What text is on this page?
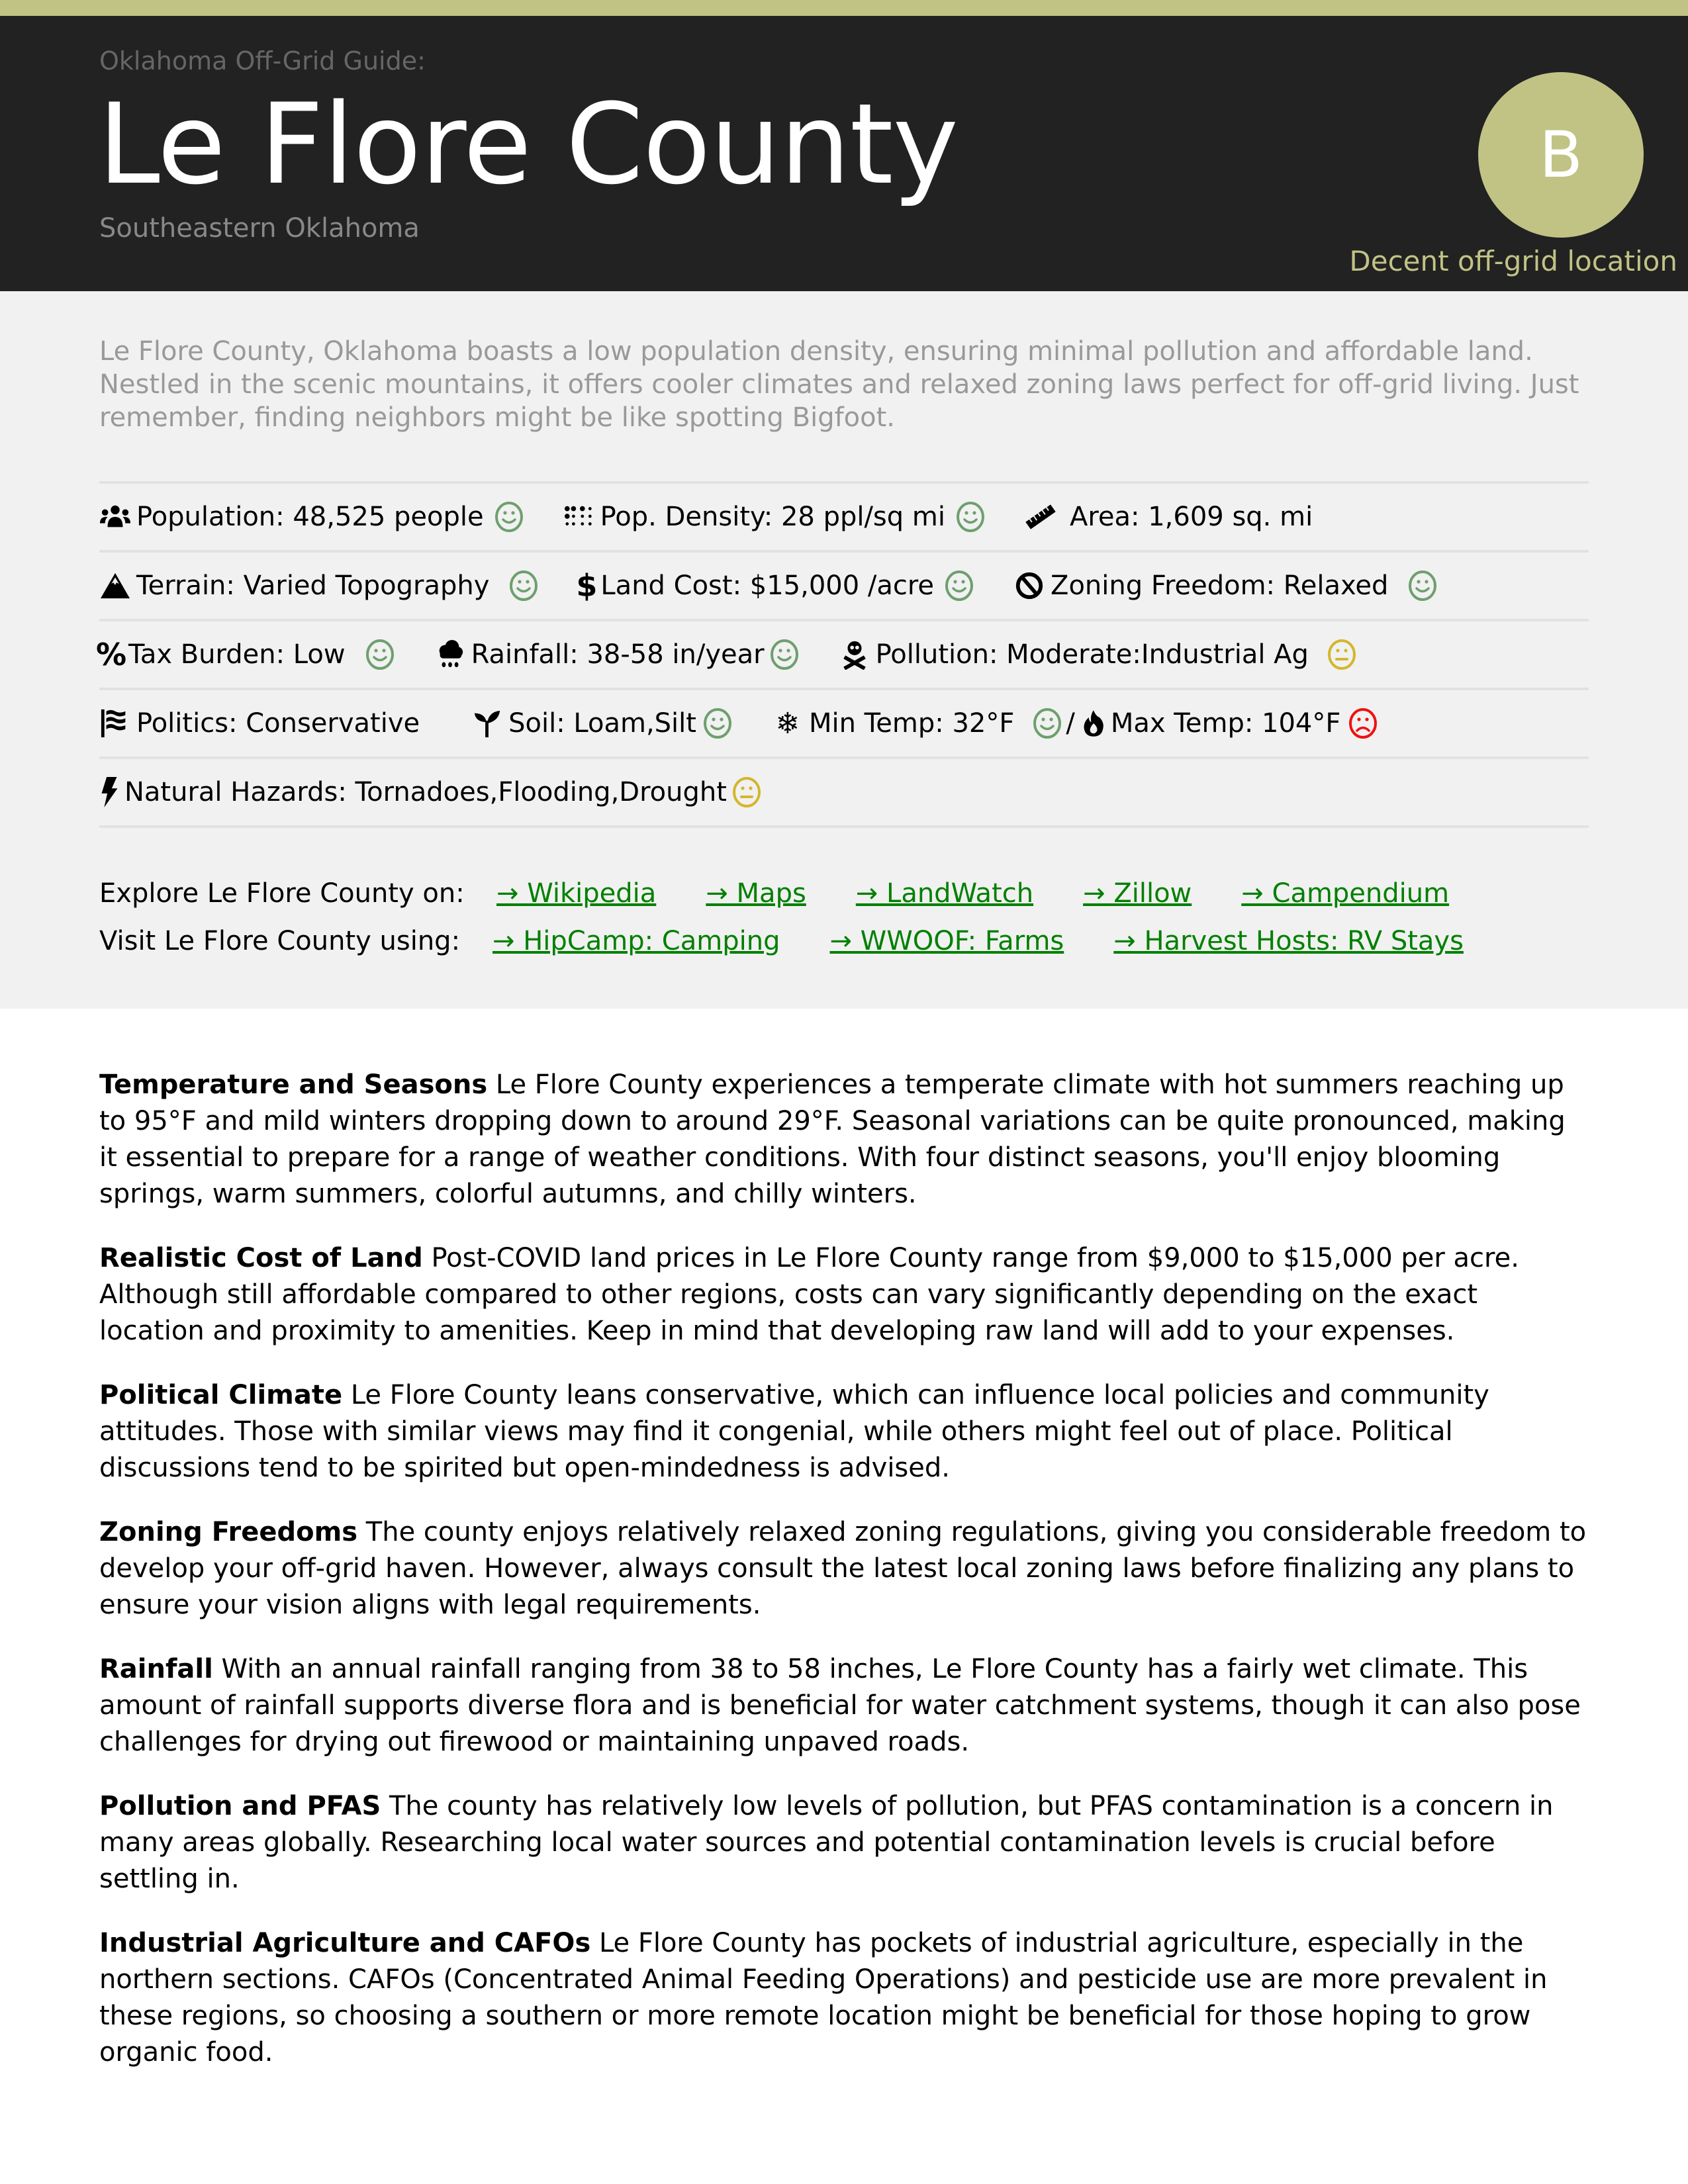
Oklahoma Off-Grid Guide:
Le Flore County
Southeastern Oklahoma
B
Decent off-grid location

Le Flore County, Oklahoma boasts a low population density, ensuring minimal pollution and affordable land. Nestled in the scenic mountains, it offers cooler climates and relaxed zoning laws perfect for off-grid living. Just remember, finding neighbors might be like spotting Bigfoot.

Population: 48,525 people	Pop. Density: 28 ppl/sq mi	Area: 1,609 sq. mi
Terrain: Varied Topography	$ Land Cost: $15,000 /acre	Zoning Freedom: Relaxed
% Tax Burden: Low	Rainfall: 38-58 in/year	Pollution: Moderate:Industrial Ag
Politics: Conservative	Soil: Loam,Silt	❄ Min Temp: 32°F / Max Temp: 104°F
Natural Hazards: Tornadoes,Flooding,Drought
Explore Le Flore County on:	→ Wikipedia → Maps → LandWatch → Zillow → Campendium
Visit Le Flore County using:	→ HipCamp: Camping → WWOOF: Farms → Harvest Hosts: RV Stays

Temperature and Seasons Le Flore County experiences a temperate climate with hot summers reaching up to 95°F and mild winters dropping down to around 29°F. Seasonal variations can be quite pronounced, making it essential to prepare for a range of weather conditions. With four distinct seasons, you'll enjoy blooming springs, warm summers, colorful autumns, and chilly winters.

Realistic Cost of Land Post-COVID land prices in Le Flore County range from $9,000 to $15,000 per acre. Although still affordable compared to other regions, costs can vary significantly depending on the exact location and proximity to amenities. Keep in mind that developing raw land will add to your expenses.

Political Climate Le Flore County leans conservative, which can influence local policies and community attitudes. Those with similar views may find it congenial, while others might feel out of place. Political discussions tend to be spirited but open-mindedness is advised.

Zoning Freedoms The county enjoys relatively relaxed zoning regulations, giving you considerable freedom to develop your off-grid haven. However, always consult the latest local zoning laws before finalizing any plans to ensure your vision aligns with legal requirements.

Rainfall With an annual rainfall ranging from 38 to 58 inches, Le Flore County has a fairly wet climate. This amount of rainfall supports diverse flora and is beneficial for water catchment systems, though it can also pose challenges for drying out firewood or maintaining unpaved roads.

Pollution and PFAS The county has relatively low levels of pollution, but PFAS contamination is a concern in many areas globally. Researching local water sources and potential contamination levels is crucial before settling in.

Industrial Agriculture and CAFOs Le Flore County has pockets of industrial agriculture, especially in the northern sections. CAFOs (Concentrated Animal Feeding Operations) and pesticide use are more prevalent in these regions, so choosing a southern or more remote location might be beneficial for those hoping to grow organic food.
